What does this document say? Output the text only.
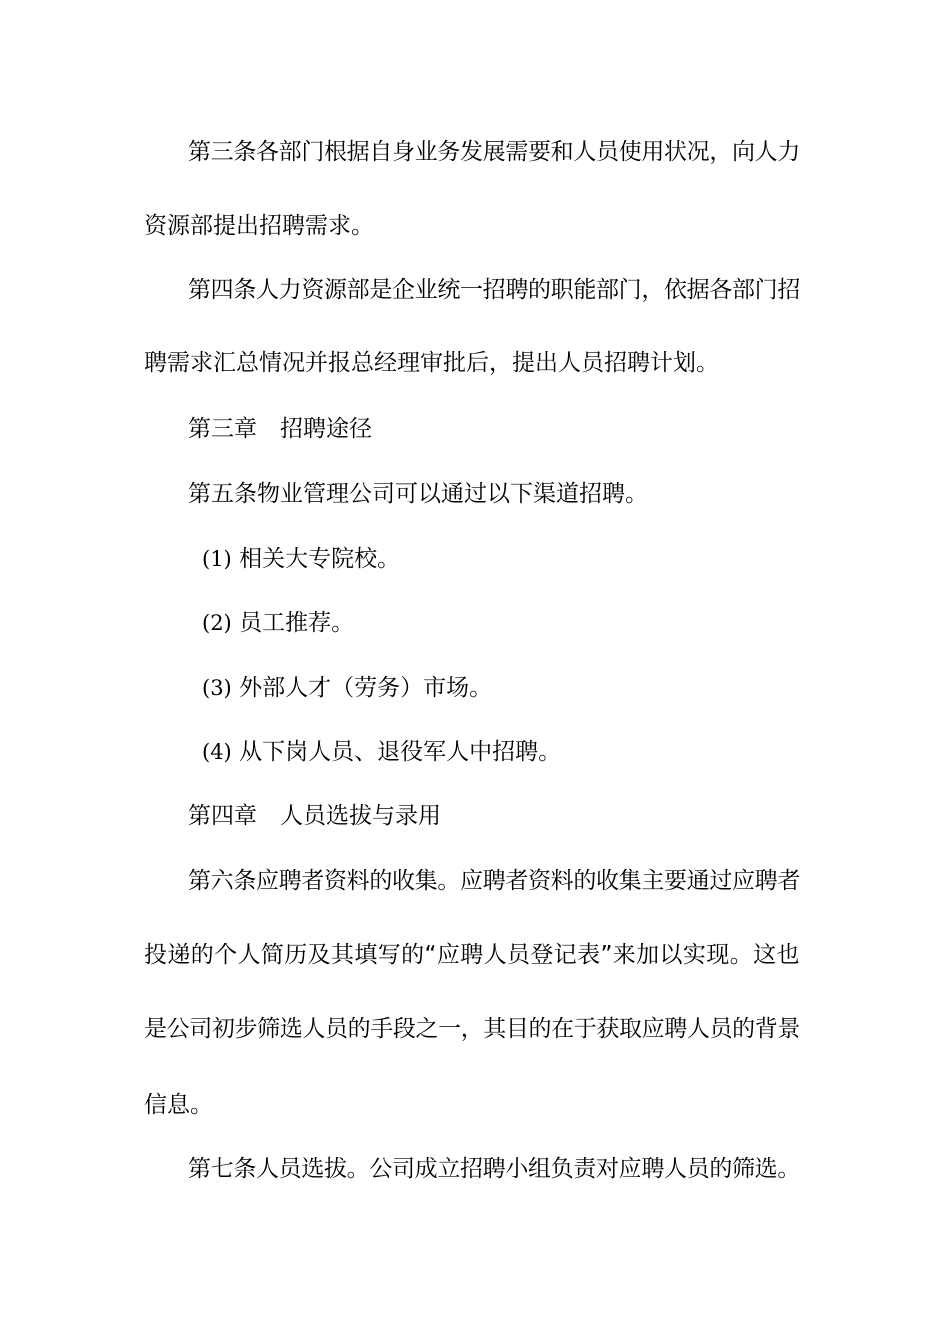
第三条各部门根据自身业务发展需要和人员使用状况，向人力
资源部提出招聘需求。
第四条人力资源部是企业统一招聘的职能部门，依据各部门招
聘需求汇总情况并报总经理审批后，提出人员招聘计划。
第三章 招聘途径
第五条物业管理公司可以通过以下渠道招聘。
(1) 相关大专院校。
(2) 员工推荐。
(3) 外部人才（劳务）市场。
(4) 从下岗人员、退役军人中招聘。
第四章 人员选拔与录用
第六条应聘者资料的收集。应聘者资料的收集主要通过应聘者
投递的个人简历及其填写的“应聘人员登记表”来加以实现。这也
是公司初步筛选人员的手段之一，其目的在于获取应聘人员的背景
信息。
第七条人员选拔。公司成立招聘小组负责对应聘人员的筛选。
